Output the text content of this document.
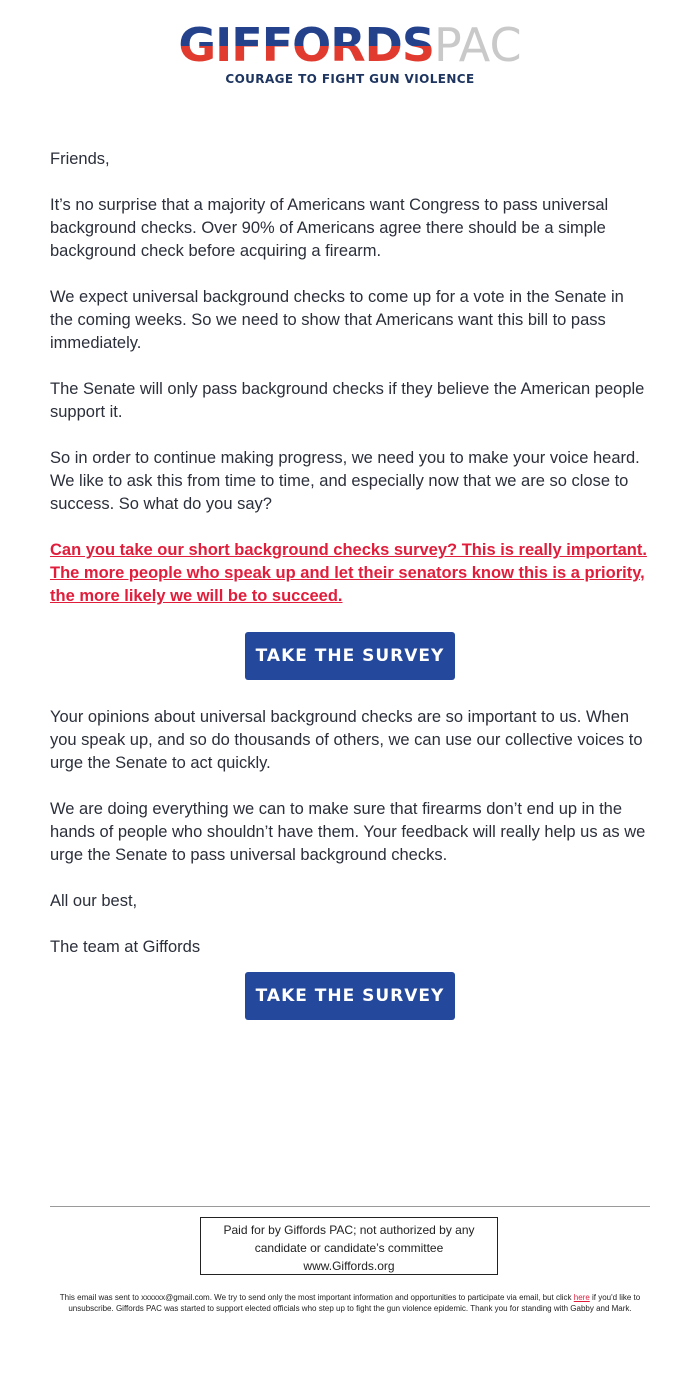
GIFFORDSPAC
COURAGE TO FIGHT GUN VIOLENCE

Friends,

It’s no surprise that a majority of Americans want Congress to pass universal background checks. Over 90% of Americans agree there should be a simple background check before acquiring a firearm.

We expect universal background checks to come up for a vote in the Senate in the coming weeks. So we need to show that Americans want this bill to pass immediately.

The Senate will only pass background checks if they believe the American people support it.

So in order to continue making progress, we need you to make your voice heard. We like to ask this from time to time, and especially now that we are so close to success. So what do you say?

Can you take our short background checks survey? This is really important. The more people who speak up and let their senators know this is a priority, the more likely we will be to succeed.

TAKE THE SURVEY

Your opinions about universal background checks are so important to us. When you speak up, and so do thousands of others, we can use our collective voices to urge the Senate to act quickly.

We are doing everything we can to make sure that firearms don’t end up in the hands of people who shouldn’t have them. Your feedback will really help us as we urge the Senate to pass universal background checks.

All our best,

The team at Giffords

TAKE THE SURVEY
Paid for by Giffords PAC; not authorized by any
candidate or candidate’s committee
www.Giffords.org
This email was sent to xxxxxx@gmail.com. We try to send only the most important information and opportunities to participate via email, but click here if you'd like to unsubscribe. Giffords PAC was started to support elected officials who step up to fight the gun violence epidemic. Thank you for standing with Gabby and Mark.
